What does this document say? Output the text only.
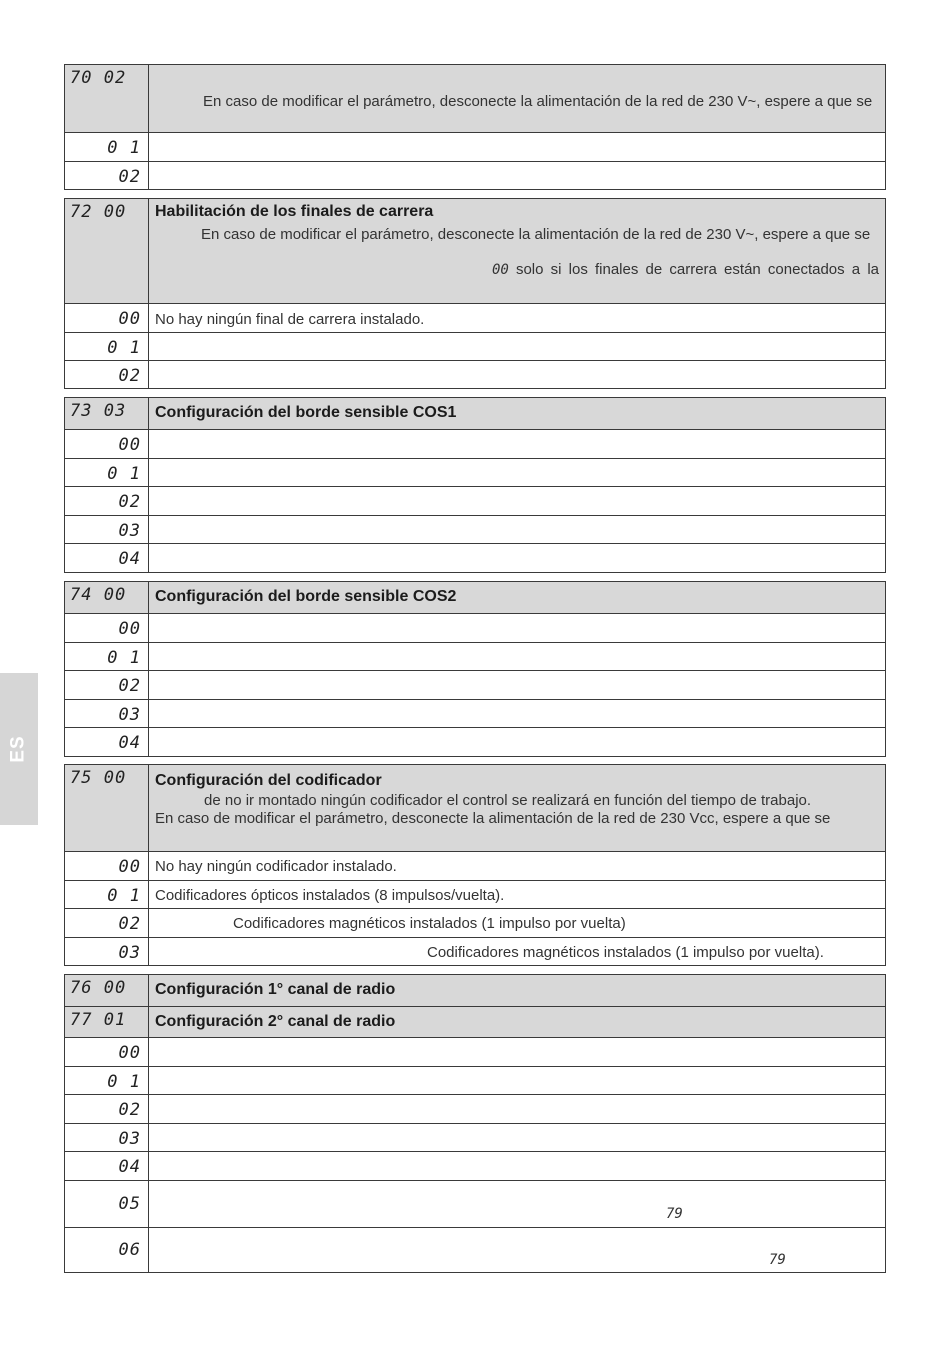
ES
70 02
En caso de modificar el parámetro, desconecte la alimentación de la red de 230 V~, espere a que se
0 1
02
72 00	Habilitación de los finales de carrera
En caso de modificar el parámetro, desconecte la alimentación de la red de 230 V~, espere a que se
00 solo si los finales de carrera están conectados a la
00 No hay ningún final de carrera instalado.
0 1
02
73 03	Configuración del borde sensible COS1
00
0 1
02
03
04
74 00	Configuración del borde sensible COS2
00
0 1
02
03
04
75 00	Configuración del codificador
de no ir montado ningún codificador el control se realizará en función del tiempo de trabajo.
En caso de modificar el parámetro, desconecte la alimentación de la red de 230 Vcc, espere a que se
00 No hay ningún codificador instalado.
0 1 Codificadores ópticos instalados (8 impulsos/vuelta).
02	Codificadores magnéticos instalados (1 impulso por vuelta)
03	Codificadores magnéticos instalados (1 impulso por vuelta).
76 00	Configuración 1° canal de radio
77 01	Configuración 2° canal de radio
00
0 1
02
03
04
05	79
06	79
